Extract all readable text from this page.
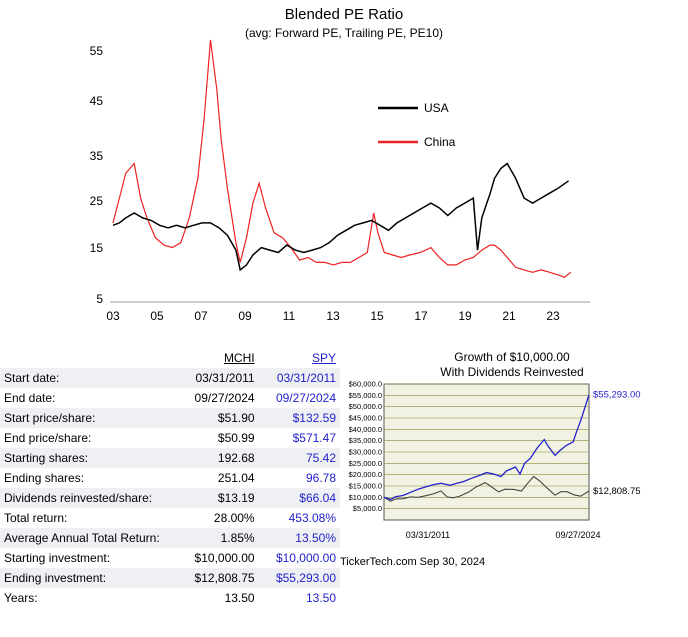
Blended PE Ratio
(avg: Forward PE, Trailing PE, PE10)
55
45
35
25
15
5
03	05	07	09	11	13	15	17	19	21	23
USA
China
	MCHI	SPY
Start date:	03/31/2011	03/31/2011
End date:	09/27/2024	09/27/2024
Start price/share:	$51.90	$132.59
End price/share:	$50.99	$571.47
Starting shares:	192.68	75.42
Ending shares:	251.04	96.78
Dividends reinvested/share:	$13.19	$66.04
Total return:	28.00%	453.08%
Average Annual Total Return:	1.85%	13.50%
Starting investment:	$10,000.00	$10,000.00
Ending investment:	$12,808.75	$55,293.00
Years:	13.50	13.50
Growth of $10,000.00
With Dividends Reinvested
$5,000.0
$10,000.0
$15,000.0
$20,000.0
$25,000.0
$30,000.0
$35,000.0
$40,000.0
$45,000.0
$50,000.0
$55,000.0
$60,000.0
$55,293.00
$12,808.75
03/31/2011	09/27/2024
TickerTech.com Sep 30, 2024
